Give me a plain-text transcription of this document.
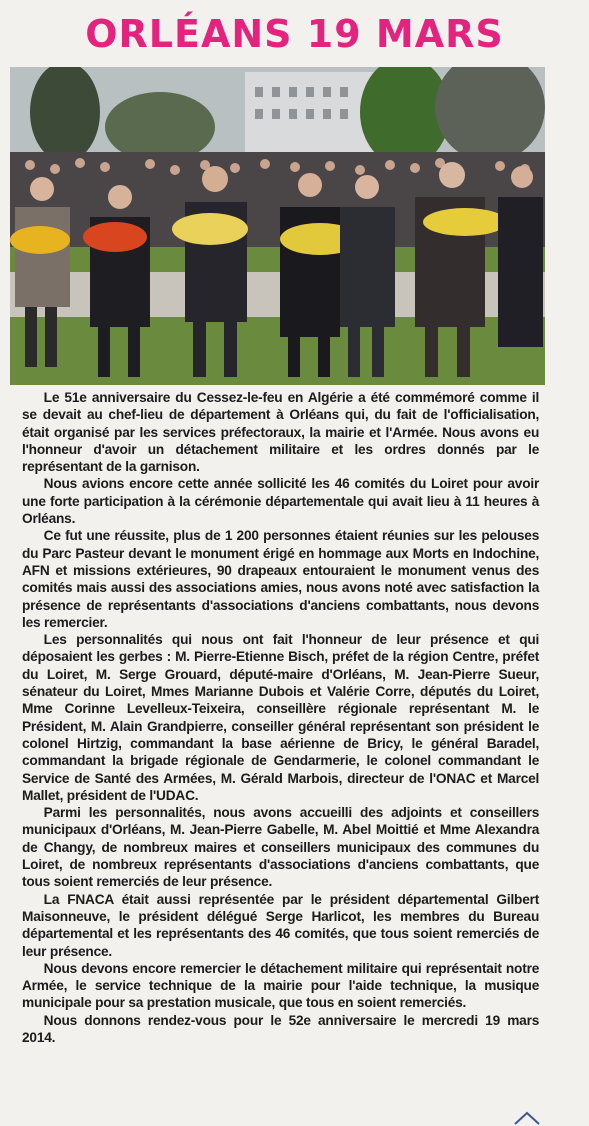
ORLÉANS 19 MARS

Le 51e anniversaire du Cessez-le-feu en Algérie a été commémoré comme il se devait au chef-lieu de département à Orléans qui, du fait de l'officialisation, était organisé par les services préfectoraux, la mairie et l'Armée. Nous avons eu l'honneur d'avoir un détachement militaire et les ordres donnés par le représentant de la garnison.

Nous avions encore cette année sollicité les 46 comités du Loiret pour avoir une forte participation à la cérémonie départementale qui avait lieu à 11 heures à Orléans.

Ce fut une réussite, plus de 1 200 personnes étaient réunies sur les pelouses du Parc Pasteur devant le monument érigé en hommage aux Morts en Indochine, AFN et missions extérieures, 90 drapeaux entouraient le monument venus des comités mais aussi des associations amies, nous avons noté avec satisfaction la présence de représentants d'associations d'anciens combattants, nous devons les remercier.

Les personnalités qui nous ont fait l'honneur de leur présence et qui déposaient les gerbes : M. Pierre-Etienne Bisch, préfet de la région Centre, préfet du Loiret, M. Serge Grouard, député-maire d'Orléans, M. Jean-Pierre Sueur, sénateur du Loiret, Mmes Marianne Dubois et Valérie Corre, députés du Loiret, Mme Corinne Levelleux-Teixeira, conseillère régionale représentant M. le Président, M. Alain Grandpierre, conseiller général représentant son président le colonel Hirtzig, commandant la base aérienne de Bricy, le général Baradel, commandant la brigade régionale de Gendarmerie, le colonel commandant le Service de Santé des Armées, M. Gérald Marbois, directeur de l'ONAC et Marcel Mallet, président de l'UDAC.

Parmi les personnalités, nous avons accueilli des adjoints et conseillers municipaux d'Orléans, M. Jean-Pierre Gabelle, M. Abel Moittié et Mme Alexandra de Changy, de nombreux maires et conseillers municipaux des communes du Loiret, de nombreux représentants d'associations d'anciens combattants, que tous soient remerciés de leur présence.

La FNACA était aussi représentée par le président départemental Gilbert Maisonneuve, le président délégué Serge Harlicot, les membres du Bureau départemental et les représentants des 46 comités, que tous soient remerciés de leur présence.

Nous devons encore remercier le détachement militaire qui représentait notre Armée, le service technique de la mairie pour l'aide technique, la musique municipale pour sa prestation musicale, que tous en soient remerciés.

Nous donnons rendez-vous pour le 52e anniversaire le mercredi 19 mars 2014.
